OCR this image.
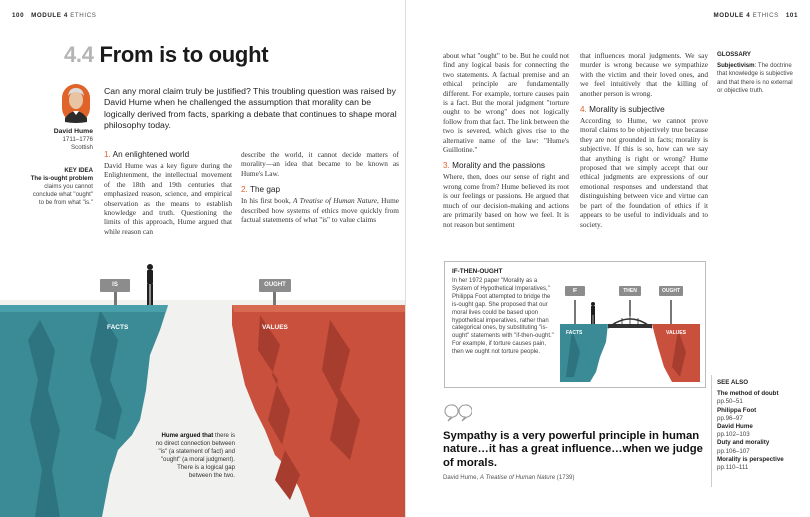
100 MODULE 4 ETHICS	MODULE 4 ETHICS 101
4.4 From is to ought
Can any moral claim truly be justified? This troubling question was raised by David Hume when he challenged the assumption that morality can be logically derived from facts, sparking a debate that continues to shape moral philosophy today.
David Hume
1711–1776
Scottish
KEY IDEA
The is-ought problem claims you cannot conclude what "ought" to be from what "is."
1. An enlightened world
David Hume was a key figure during the Enlightenment, the intellectual movement of the 18th and 19th centuries that emphasized reason, science, and empirical observation as the means to establish knowledge and truth. Questioning the limits of this approach, Hume argued that while reason can
describe the world, it cannot decide matters of morality—an idea that became to be known as Hume's Law.
2. The gap
In his first book, A Treatise of Human Nature, Hume described how systems of ethics move quickly from factual statements of what "is" to value claims
about what "ought" to be. But he could not find any logical basis for connecting the two statements. A factual premise and an ethical principle are fundamentally different. For example, torture causes pain is a fact. But the moral judgment "torture ought to be wrong" does not logically follow from that fact. The link between the two is severed, which gives rise to the alternative name of the law: "Hume's Guillotine."
3. Morality and the passions
Where, then, does our sense of right and wrong come from? Hume believed its root is our feelings or passions. He argued that much of our decision-making and actions are primarily based on how we feel. It is not reason but sentiment
that influences moral judgments. We say murder is wrong because we sympathize with the victim and their loved ones, and we feel intuitively that the killing of another person is wrong.
4. Morality is subjective
According to Hume, we cannot prove moral claims to be objectively true because they are not grounded in facts; morality is subjective. If this is so, how can we say that anything is right or wrong? Hume proposed that we simply accept that our ethical judgments are expressions of our emotional responses and understand that distinguishing between vice and virtue can be part of the foundation of ethics if it appears to be useful to individuals and to society.
GLOSSARY
Subjectivism: The doctrine that knowledge is subjective and that there is no external or objective truth.
IS	OUGHT
FACTS	VALUES
Hume argued that there is no direct connection between "is" (a statement of fact) and "ought" (a moral judgment). There is a logical gap between the two.
IF-THEN-OUGHT
In her 1972 paper "Morality as a System of Hypothetical Imperatives," Philippa Foot attempted to bridge the is-ought gap. She proposed that our moral lives could be based upon hypothetical imperatives, rather than categorical ones, by substituting "is-ought" statements with "if-then-ought." For example, if torture causes pain, then we ought not torture people.
IF	THEN	OUGHT
FACTS	VALUES
Sympathy is a very powerful principle in human nature…it has a great influence…when we judge of morals.
David Hume, A Treatise of Human Nature (1739)

SEE ALSO

The method of doubt

pp.50–51

Philippa Foot

pp.96–97

David Hume

pp.102–103

Duty and morality

pp.106–107

Morality is perspective

pp.110–111
